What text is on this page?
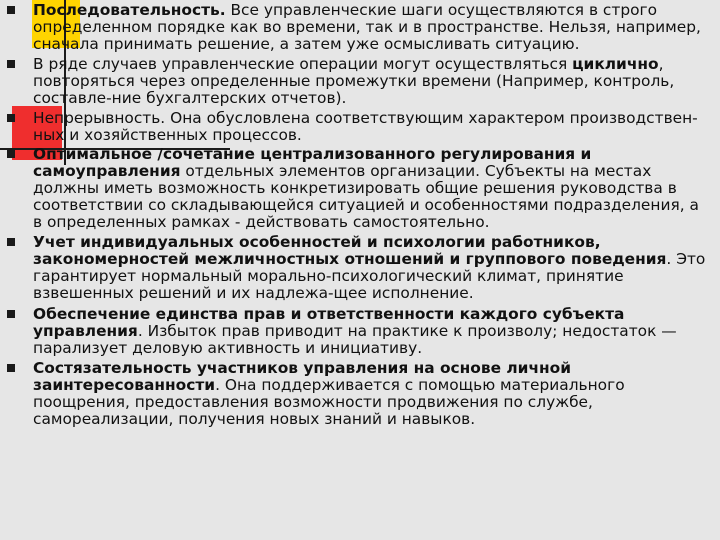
Последовательность. Все управленческие шаги осуществляются в строго определенном порядке как во времени, так и в пространстве. Нельзя, например, сначала принимать решение, а затем уже осмысливать ситуацию.
В ряде случаев управленческие операции могут осуществляться циклично, повторяться через определенные промежутки времени (Например, контроль, составле-ние бухгалтерских отчетов).
Непрерывность. Она обусловлена соответствующим характером производствен-ных и хозяйственных процессов.
Оптимальное /сочетание централизованного регулирования и самоуправления отдельных элементов организации. Субъекты на местах должны иметь возможность конкретизировать общие решения руководства в соответствии со складывающейся ситуацией и особенностями подразделения, а в определенных рамках - действовать самостоятельно.
Учет индивидуальных особенностей и психологии работников, закономерностей межличностных отношений и группового поведения. Это гарантирует нормальный морально-психологический климат, принятие взвешенных решений и их надлежа-щее исполнение.
Обеспечение единства прав и ответственности каждого субъекта управления. Избыток прав приводит на практике к произволу; недостаток — парализует деловую активность и инициативу.
Состязательность участников управления на основе личной заинтересованности. Она поддерживается с помощью материального поощрения, предоставления возможности продвижения по службе, самореализации, получения новых знаний и навыков.
